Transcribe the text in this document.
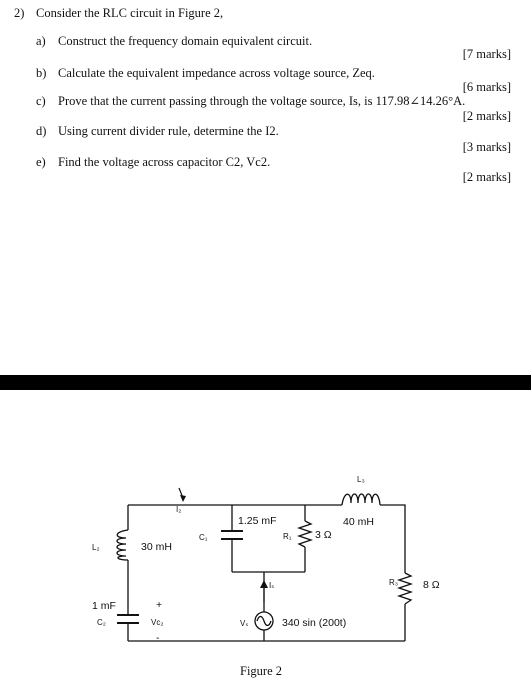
2) Consider the RLC circuit in Figure 2,
a) Construct the frequency domain equivalent circuit.
[7 marks]
b) Calculate the equivalent impedance across voltage source, Zeq.
[6 marks]
c) Prove that the current passing through the voltage source, Is, is 117.98∠14.26°A.
[2 marks]
d) Using current divider rule, determine the I2.
[3 marks]
e) Find the voltage across capacitor C2, Vc2.
[2 marks]
L₃
40 mH
L₂	30 mH
I₂
C₁
1.25 mF
R₁ 3 Ω
R₃ 8 Ω
1 mF
C₂
+
Vc₂
-
Iₛ
Vₛ	340 sin (200t)
Figure 2
